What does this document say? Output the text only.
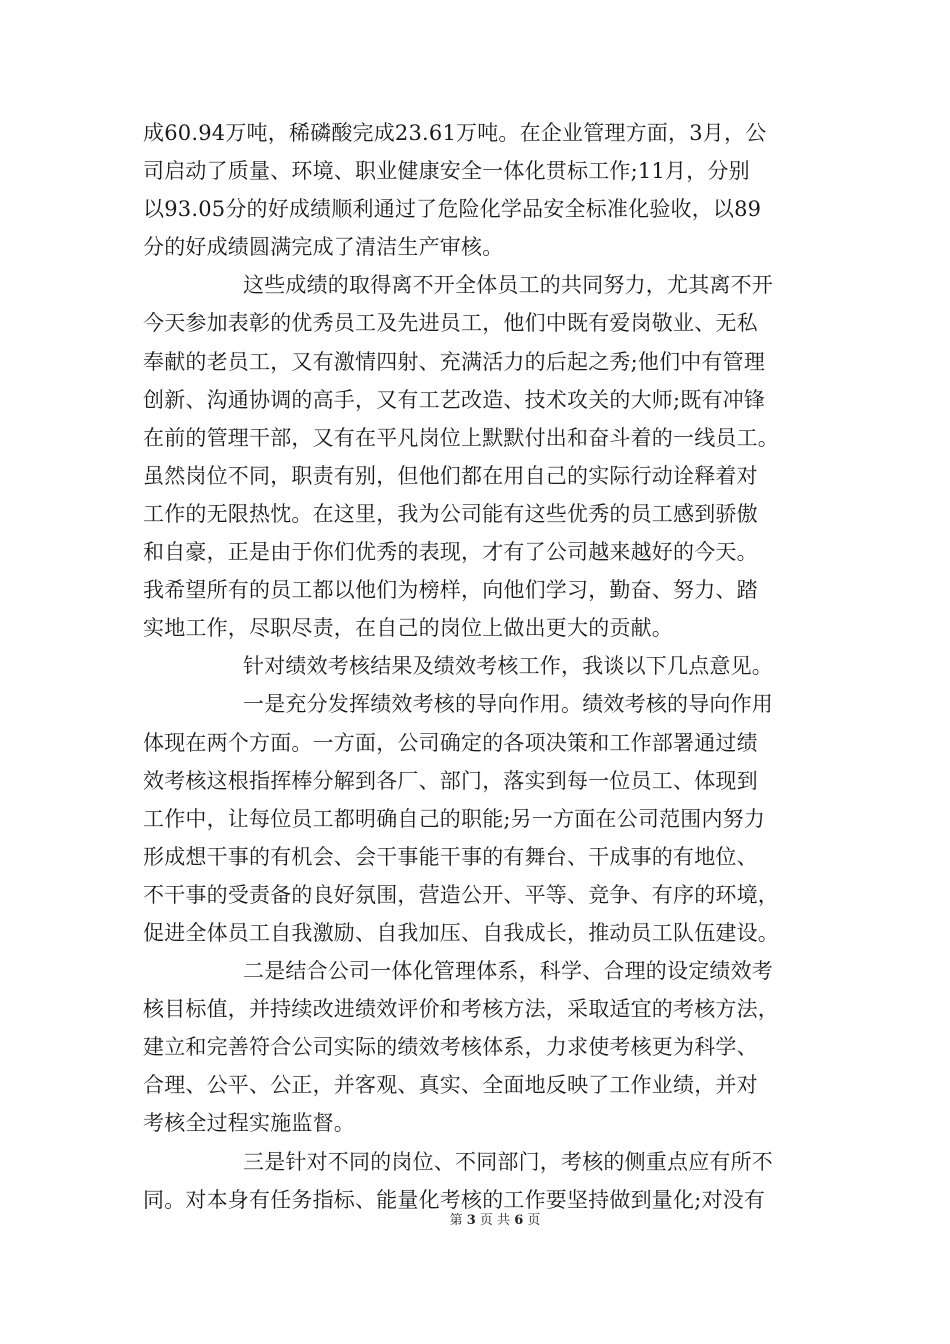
成60.94万吨，稀磷酸完成23.61万吨。在企业管理方面，3月，公
司启动了质量、环境、职业健康安全一体化贯标工作;11月，分别
以93.05分的好成绩顺利通过了危险化学品安全标准化验收，以89
分的好成绩圆满完成了清洁生产审核。
这些成绩的取得离不开全体员工的共同努力，尤其离不开
今天参加表彰的优秀员工及先进员工，他们中既有爱岗敬业、无私
奉献的老员工，又有激情四射、充满活力的后起之秀;他们中有管理
创新、沟通协调的高手，又有工艺改造、技术攻关的大师;既有冲锋
在前的管理干部，又有在平凡岗位上默默付出和奋斗着的一线员工。
虽然岗位不同，职责有别，但他们都在用自己的实际行动诠释着对
工作的无限热忱。在这里，我为公司能有这些优秀的员工感到骄傲
和自豪，正是由于你们优秀的表现，才有了公司越来越好的今天。
我希望所有的员工都以他们为榜样，向他们学习，勤奋、努力、踏
实地工作，尽职尽责，在自己的岗位上做出更大的贡献。
针对绩效考核结果及绩效考核工作，我谈以下几点意见。
一是充分发挥绩效考核的导向作用。绩效考核的导向作用
体现在两个方面。一方面，公司确定的各项决策和工作部署通过绩
效考核这根指挥棒分解到各厂、部门，落实到每一位员工、体现到
工作中，让每位员工都明确自己的职能;另一方面在公司范围内努力
形成想干事的有机会、会干事能干事的有舞台、干成事的有地位、
不干事的受责备的良好氛围，营造公开、平等、竞争、有序的环境，
促进全体员工自我激励、自我加压、自我成长，推动员工队伍建设。
二是结合公司一体化管理体系，科学、合理的设定绩效考
核目标值，并持续改进绩效评价和考核方法，采取适宜的考核方法，
建立和完善符合公司实际的绩效考核体系，力求使考核更为科学、
合理、公平、公正，并客观、真实、全面地反映了工作业绩，并对
考核全过程实施监督。
三是针对不同的岗位、不同部门，考核的侧重点应有所不
同。对本身有任务指标、能量化考核的工作要坚持做到量化;对没有
第 3 页 共 6 页
